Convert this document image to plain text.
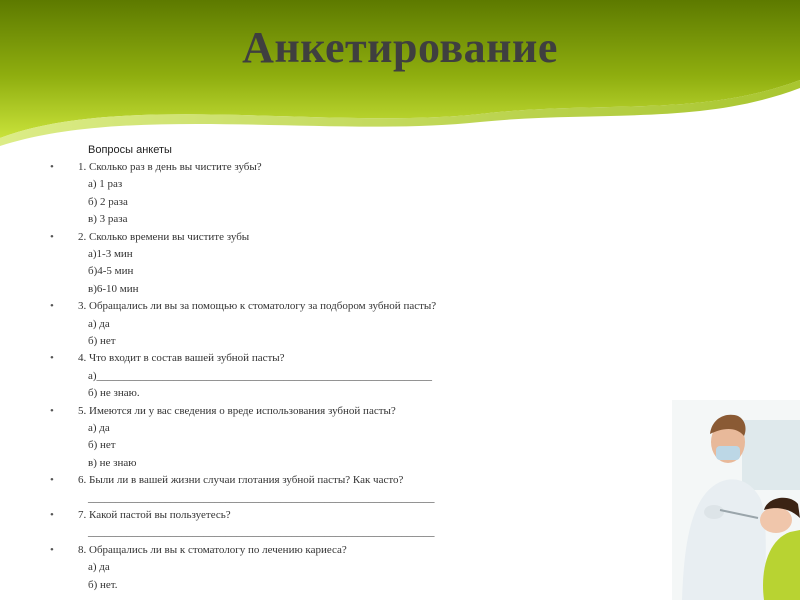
Анкетирование
Вопросы анкеты
• 1. Сколько раз в день вы чистите зубы?
а) 1 раз
б) 2 раза
в) 3 раза
• 2. Сколько времени вы чистите зубы
а)1-3 мин
б)4-5 мин
в)6-10 мин
• 3. Обращались ли вы за помощью к стоматологу за подбором зубной пасты?
а) да
б) нет
• 4. Что входит в состав вашей зубной пасты?
а)_____________________________________________________________
б) не знаю.
• 5. Имеются ли у вас сведения о вреде использования зубной пасты?
а) да
б) нет
в) не знаю
• 6. Были ли в вашей жизни случаи глотания зубной пасты? Как часто?
_______________________________________________________________
• 7. Какой пастой вы пользуетесь?
_______________________________________________________________
• 8. Обращались ли вы к стоматологу по лечению кариеса?
а) да
б) нет.
